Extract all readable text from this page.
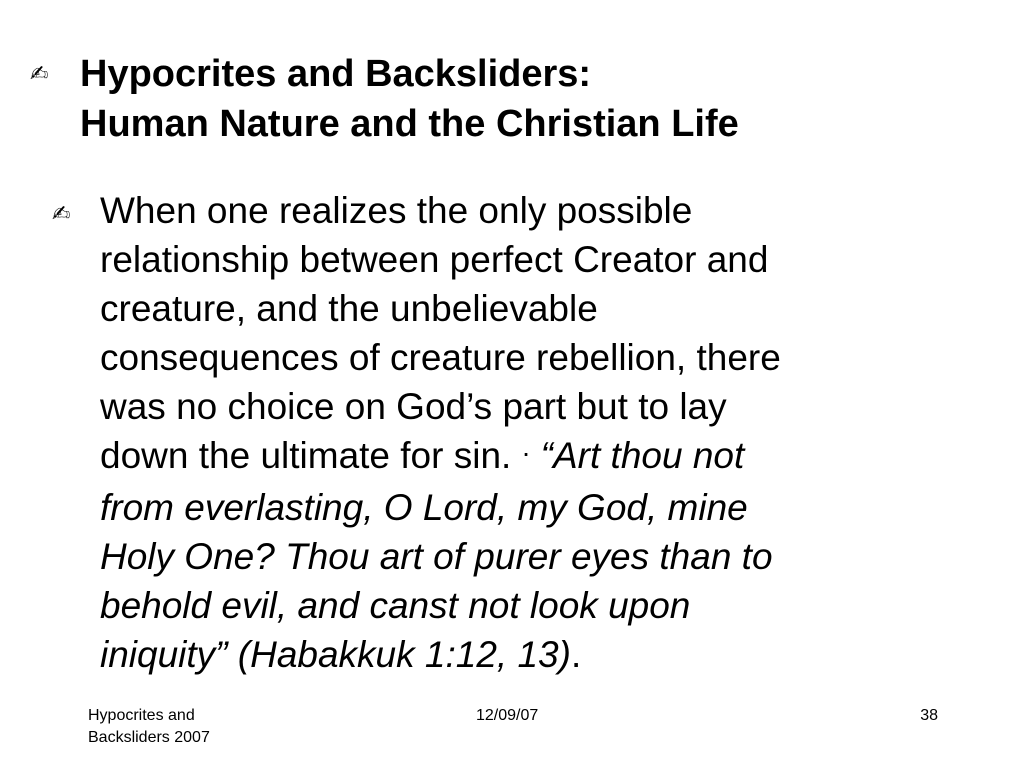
✍ Hypocrites and Backsliders:
Human Nature and the Christian Life
✍ When one realizes the only possible
relationship between perfect Creator and
creature, and the unbelievable
consequences of creature rebellion, there
was no choice on God’s part but to lay
down the ultimate for sin. · “Art thou not
from everlasting, O Lord, my God, mine
Holy One? Thou art of purer eyes than to
behold evil, and canst not look upon
iniquity” (Habakkuk 1:12, 13).
Hypocrites and
Backsliders 2007
12/09/07	38
